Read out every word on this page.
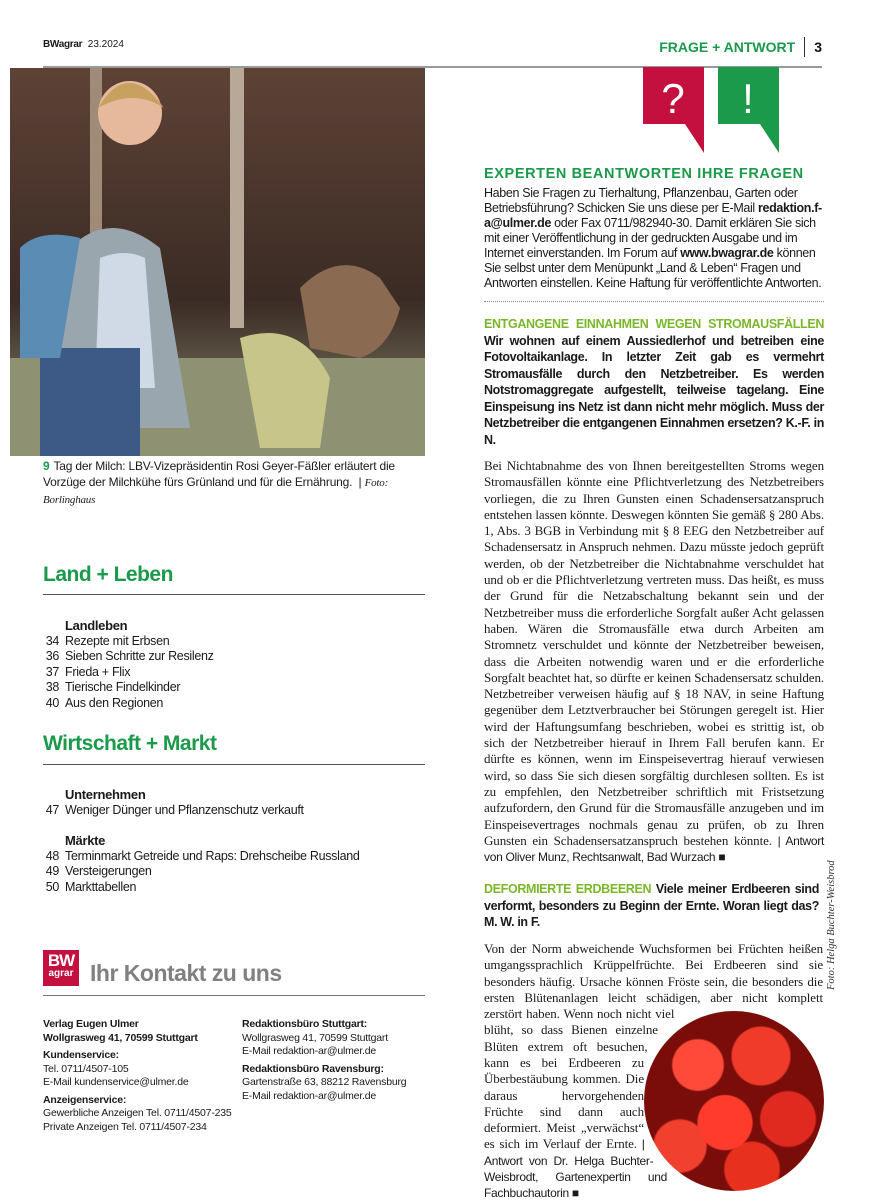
BWagrar 23.2024	FRAGE + ANTWORT 3
9 Tag der Milch: LBV-Vizepräsidentin Rosi Geyer-Fäßler erläutert die Vorzüge der Milchkühe fürs Grünland und für die Ernährung.  | Foto: Borlinghaus
Land + Leben
Landleben
34 Rezepte mit Erbsen
36 Sieben Schritte zur Resilenz
37 Frieda + Flix
38 Tierische Findelkinder
40 Aus den Regionen
Wirtschaft + Markt
Unternehmen
47 Weniger Dünger und Pflanzenschutz verkauft
Märkte
48 Terminmarkt Getreide und Raps: Drehscheibe Russland
49 Versteigerungen
50 Markttabellen
BW
agrar Ihr Kontakt zu uns
Verlag Eugen Ulmer
Wollgrasweg 41, 70599 Stuttgart
Kundenservice:
Tel. 0711/4507-105
E-Mail kundenservice@ulmer.de
Anzeigenservice:
Gewerbliche Anzeigen Tel. 0711/4507-235
Private Anzeigen Tel. 0711/4507-234
Redaktionsbüro Stuttgart:
Wollgrasweg 41, 70599 Stuttgart
E-Mail redaktion-ar@ulmer.de
Redaktionsbüro Ravensburg:
Gartenstraße 63, 88212 Ravensburg
E-Mail redaktion-ar@ulmer.de
? !
EXPERTEN BEANTWORTEN IHRE FRAGEN
Haben Sie Fragen zu Tierhaltung, Pflanzenbau, Garten oder Betriebsführung? Schicken Sie uns diese per E-Mail redaktion.f-a@ulmer.de oder Fax 0711/982940-30. Damit erklären Sie sich mit einer Veröffentlichung in der gedruckten Ausgabe und im Internet einverstanden. Im Forum auf www.bwagrar.de können Sie selbst unter dem Menüpunkt „Land & Leben“ Fragen und Antworten einstellen. Keine Haftung für veröffentlichte Antworten.
ENTGANGENE EINNAHMEN WEGEN STROMAUSFÄLLEN Wir wohnen auf einem Aussiedlerhof und betreiben eine Fotovoltaikanlage. In letzter Zeit gab es vermehrt Stromausfälle durch den Netzbetreiber. Es werden Notstromaggregate aufgestellt, teilweise tagelang. Eine Einspeisung ins Netz ist dann nicht mehr möglich. Muss der Netzbetreiber die entgangenen Einnahmen ersetzen? K.-F. in N.
Bei Nichtabnahme des von Ihnen bereitgestellten Stroms wegen Stromausfällen könnte eine Pflichtverletzung des Netzbetreibers vorliegen, die zu Ihren Gunsten einen Schadensersatzanspruch entstehen lassen könnte. Deswegen könnten Sie gemäß § 280 Abs. 1, Abs. 3 BGB in Verbindung mit § 8 EEG den Netzbetreiber auf Schadensersatz in Anspruch nehmen. Dazu müsste jedoch geprüft werden, ob der Netzbetreiber die Nichtabnahme verschuldet hat und ob er die Pflichtverletzung vertreten muss. Das heißt, es muss der Grund für die Netzabschaltung bekannt sein und der Netzbetreiber muss die erforderliche Sorgfalt außer Acht gelassen haben. Wären die Stromausfälle etwa durch Arbeiten am Stromnetz verschuldet und könnte der Netzbetreiber beweisen, dass die Arbeiten notwendig waren und er die erforderliche Sorgfalt beachtet hat, so dürfte er keinen Schadensersatz schulden. Netzbetreiber verweisen häufig auf § 18 NAV, in seine Haftung gegenüber dem Letztverbraucher bei Störungen geregelt ist. Hier wird der Haftungsumfang beschrieben, wobei es strittig ist, ob sich der Netzbetreiber hierauf in Ihrem Fall berufen kann. Er dürfte es können, wenn im Einspeisevertrag hierauf verwiesen wird, so dass Sie sich diesen sorgfältig durchlesen sollten. Es ist zu empfehlen, den Netzbetreiber schriftlich mit Fristsetzung aufzufordern, den Grund für die Stromausfälle anzugeben und im Einspeisevertrages nochmals genau zu prüfen, ob zu Ihren Gunsten ein Schadensersatzanspruch bestehen könnte. | Antwort von Oliver Munz, Rechtsanwalt, Bad Wurzach ■
DEFORMIERTE ERDBEEREN Viele meiner Erdbeeren sind verformt, besonders zu Beginn der Ernte. Woran liegt das? M. W. in F.
Von der Norm abweichende Wuchsformen bei Früchten heißen umgangssprachlich Krüppelfrüchte. Bei Erdbeeren sind sie besonders häufig. Ursache können Fröste sein, die besonders die ersten Blütenanlagen leicht schädigen, aber nicht komplett zerstört haben. Wenn noch nicht viel blüht, so dass Bienen einzelne Blüten extrem oft besuchen, kann es bei Erdbeeren zu Überbestäubung kommen. Die daraus hervorgehenden Früchte sind dann auch deformiert. Meist „verwächst“ es sich im Verlauf der Ernte. | Antwort von Dr. Helga Buchter-Weisbrodt, Gartenexpertin und Fachbuchautorin ■
Foto: Helga Buchter-Weisbrod
